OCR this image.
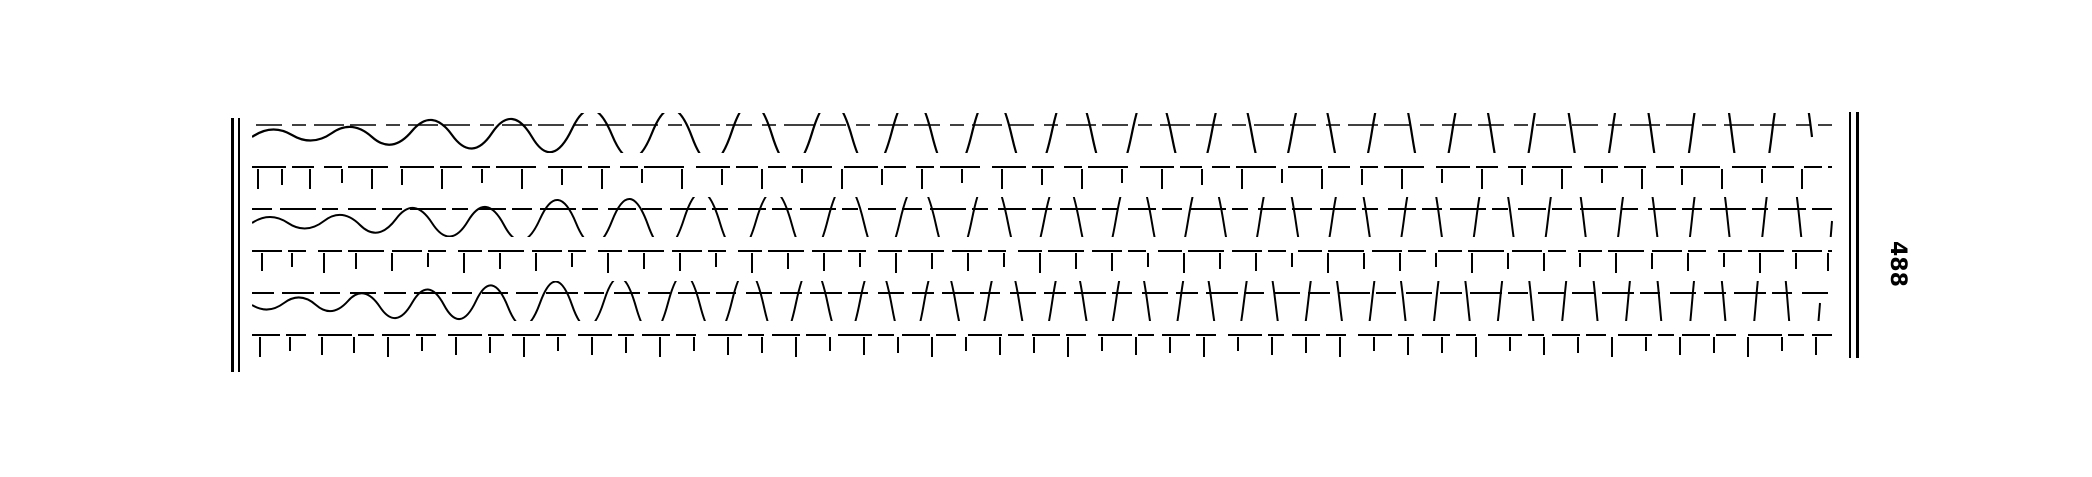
488
